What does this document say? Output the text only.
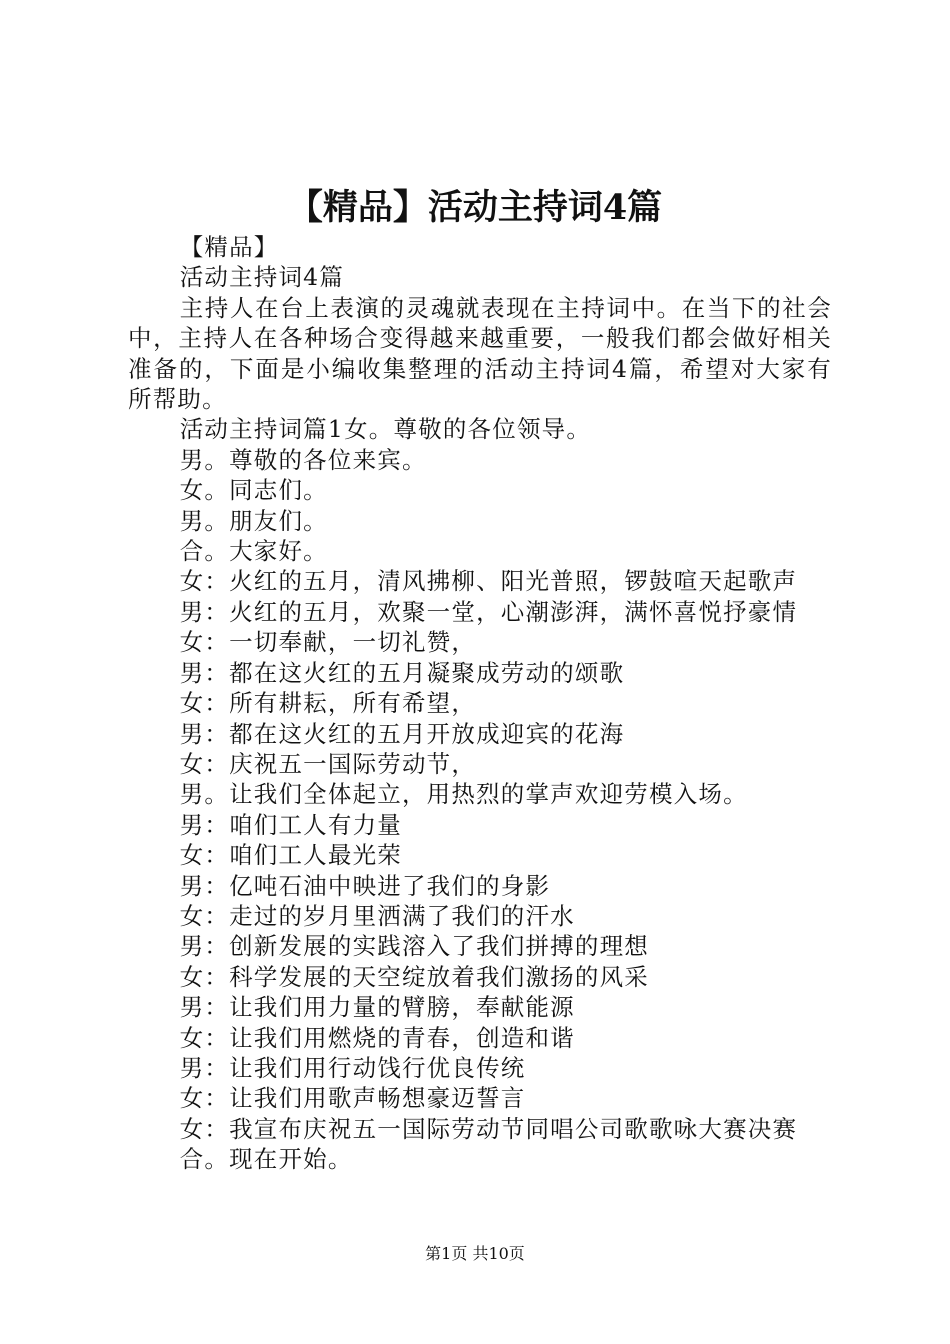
【精品】活动主持词4篇

【精品】

活动主持词4篇

主持人在台上表演的灵魂就表现在主持词中。在当下的社会中，主持人在各种场合变得越来越重要，一般我们都会做好相关准备的，下面是小编收集整理的活动主持词4篇，希望对大家有所帮助。

活动主持词篇1女。尊敬的各位领导。

男。尊敬的各位来宾。

女。同志们。

男。朋友们。

合。大家好。

女：火红的五月，清风拂柳、阳光普照，锣鼓喧天起歌声

男：火红的五月，欢聚一堂，心潮澎湃，满怀喜悦抒豪情

女：一切奉献，一切礼赞，

男：都在这火红的五月凝聚成劳动的颂歌

女：所有耕耘，所有希望，

男：都在这火红的五月开放成迎宾的花海

女：庆祝五一国际劳动节，

男。让我们全体起立，用热烈的掌声欢迎劳模入场。

男：咱们工人有力量

女：咱们工人最光荣

男：亿吨石油中映进了我们的身影

女：走过的岁月里洒满了我们的汗水

男：创新发展的实践溶入了我们拼搏的理想

女：科学发展的天空绽放着我们激扬的风采

男：让我们用力量的臂膀，奉献能源

女：让我们用燃烧的青春，创造和谐

男：让我们用行动饯行优良传统

女：让我们用歌声畅想豪迈誓言

女：我宣布庆祝五一国际劳动节同唱公司歌歌咏大赛决赛

合。现在开始。

第1页 共10页
